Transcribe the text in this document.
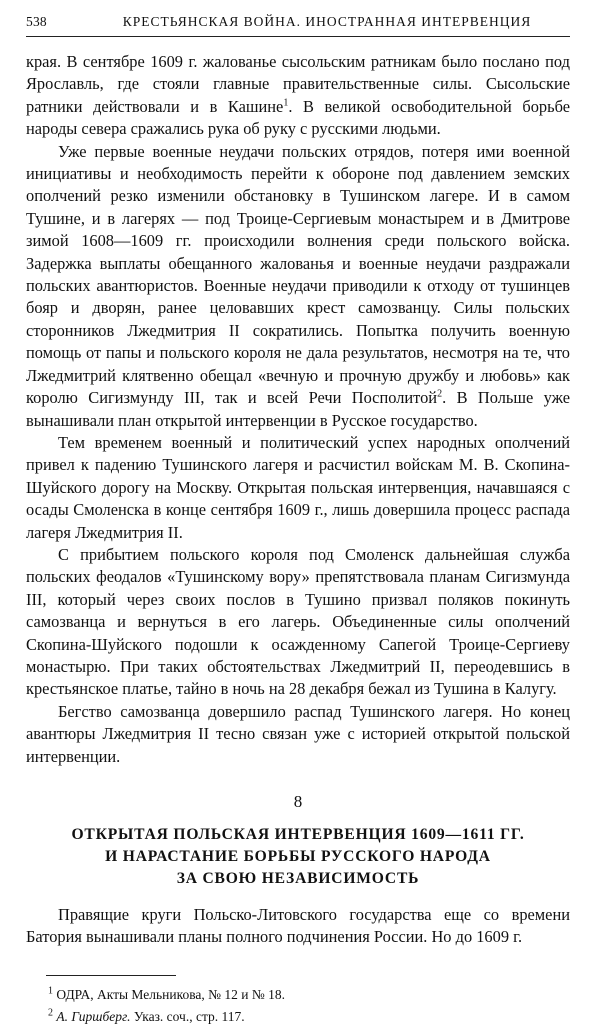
538	КРЕСТЬЯНСКАЯ ВОЙНА. ИНОСТРАННАЯ ИНТЕРВЕНЦИЯ

края. В сентябре 1609 г. жалованье сысольским ратникам было послано под Ярославль, где стояли главные правительственные силы. Сысольские ратники действовали и в Кашине$^1$. В великой освободительной борьбе народы севера сражались рука об руку с русскими людьми.

Уже первые военные неудачи польских отрядов, потеря ими военной инициативы и необходимость перейти к обороне под давлением земских ополчений резко изменили обстановку в Тушинском лагере. И в самом Тушине, и в лагерях — под Троице-Сергиевым монастырем и в Дмитрове зимой 1608—1609 гг. происходили волнения среди польского войска. Задержка выплаты обещанного жалованья и военные неудачи раздражали польских авантюристов. Военные неудачи приводили к отходу от тушинцев бояр и дворян, ранее целовавших крест самозванцу. Силы польских сторонников Лжедмитрия II сократились. Попытка получить военную помощь от папы и польского короля не дала результатов, несмотря на те, что Лжедмитрий клятвенно обещал «вечную и прочную дружбу и любовь» как королю Сигизмунду III, так и всей Речи Посполитой$^2$. В Польше уже вынашивали план открытой интервенции в Русское государство.

Тем временем военный и политический успех народных ополчений привел к падению Тушинского лагеря и расчистил войскам М. В. Скопина-Шуйского дорогу на Москву. Открытая польская интервенция, начавшаяся с осады Смоленска в конце сентября 1609 г., лишь довершила процесс распада лагеря Лжедмитрия II.

С прибытием польского короля под Смоленск дальнейшая служба польских феодалов «Тушинскому вору» препятствовала планам Сигизмунда III, который через своих послов в Тушино призвал поляков покинуть самозванца и вернуться в его лагерь. Объединенные силы ополчений Скопина-Шуйского подошли к осажденному Сапегой Троице-Сергиеву монастырю. При таких обстоятельствах Лжедмитрий II, переодевшись в крестьянское платье, тайно в ночь на 28 декабря бежал из Тушина в Калугу.

Бегство самозванца довершило распад Тушинского лагеря. Но конец авантюры Лжедмитрия II тесно связан уже с историей открытой польской интервенции.

8
ОТКРЫТАЯ ПОЛЬСКАЯ ИНТЕРВЕНЦИЯ 1609—1611 ГГ.
И НАРАСТАНИЕ БОРЬБЫ РУССКОГО НАРОДА
ЗА СВОЮ НЕЗАВИСИМОСТЬ

Правящие круги Польско-Литовского государства еще со времени Батория вынашивали планы полного подчинения России. Но до 1609 г.

$^1$ ОДРА, Акты Мельникова, № 12 и № 18.
$^2$ А. Гиршберг. Указ. соч., стр. 117.
